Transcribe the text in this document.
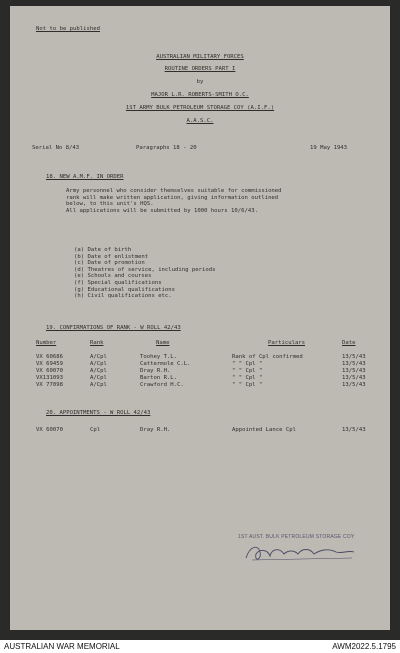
Not to be published
AUSTRALIAN MILITARY FORCES
ROUTINE ORDERS PART I
by
MAJOR L.R. ROBERTS-SMITH O.C.
1ST ARMY BULK PETROLEUM STORAGE COY (A.I.F.)
A.A.S.C.
Serial No 8/43	Paragraphs 18 - 20	19 May 1943
18. NEW A.M.F. IN ORDER
Army personnel who consider themselves suitable for commissioned
rank will make written application, giving information outlined
below, to this unit's HQS.
All applications will be submitted by 1000 hours 10/6/43.
(a) Date of birth
(b) Date of enlistment
(c) Date of promotion
(d) Theatres of service, including periods
(e) Schools and courses
(f) Special qualifications
(g) Educational qualifications
(h) Civil qualifications etc.
19. CONFIRMATIONS OF RANK - W ROLL 42/43
Number	Rank	Name	Particulars	Date
VX 60686	A/Cpl	Toohey T.L.	Rank of Cpl confirmed	13/5/43
VX 69459	A/Cpl	Cattermole C.L.	" " Cpl "	13/5/43
VX 60070	A/Cpl	Dray R.H.	" " Cpl "	13/5/43
VX131093	A/Cpl	Barton R.L.	" " Cpl "	13/5/43
VX 77098	A/Cpl	Crawford H.C.	" " Cpl "	13/5/43
20. APPOINTMENTS - W ROLL 42/43
VX 60070	Cpl	Dray R.H.	Appointed Lance Cpl	13/5/43
1ST AUST. BULK PETROLEUM STORAGE COY
AUSTRALIAN WAR MEMORIAL	AWM2022.5.1795
